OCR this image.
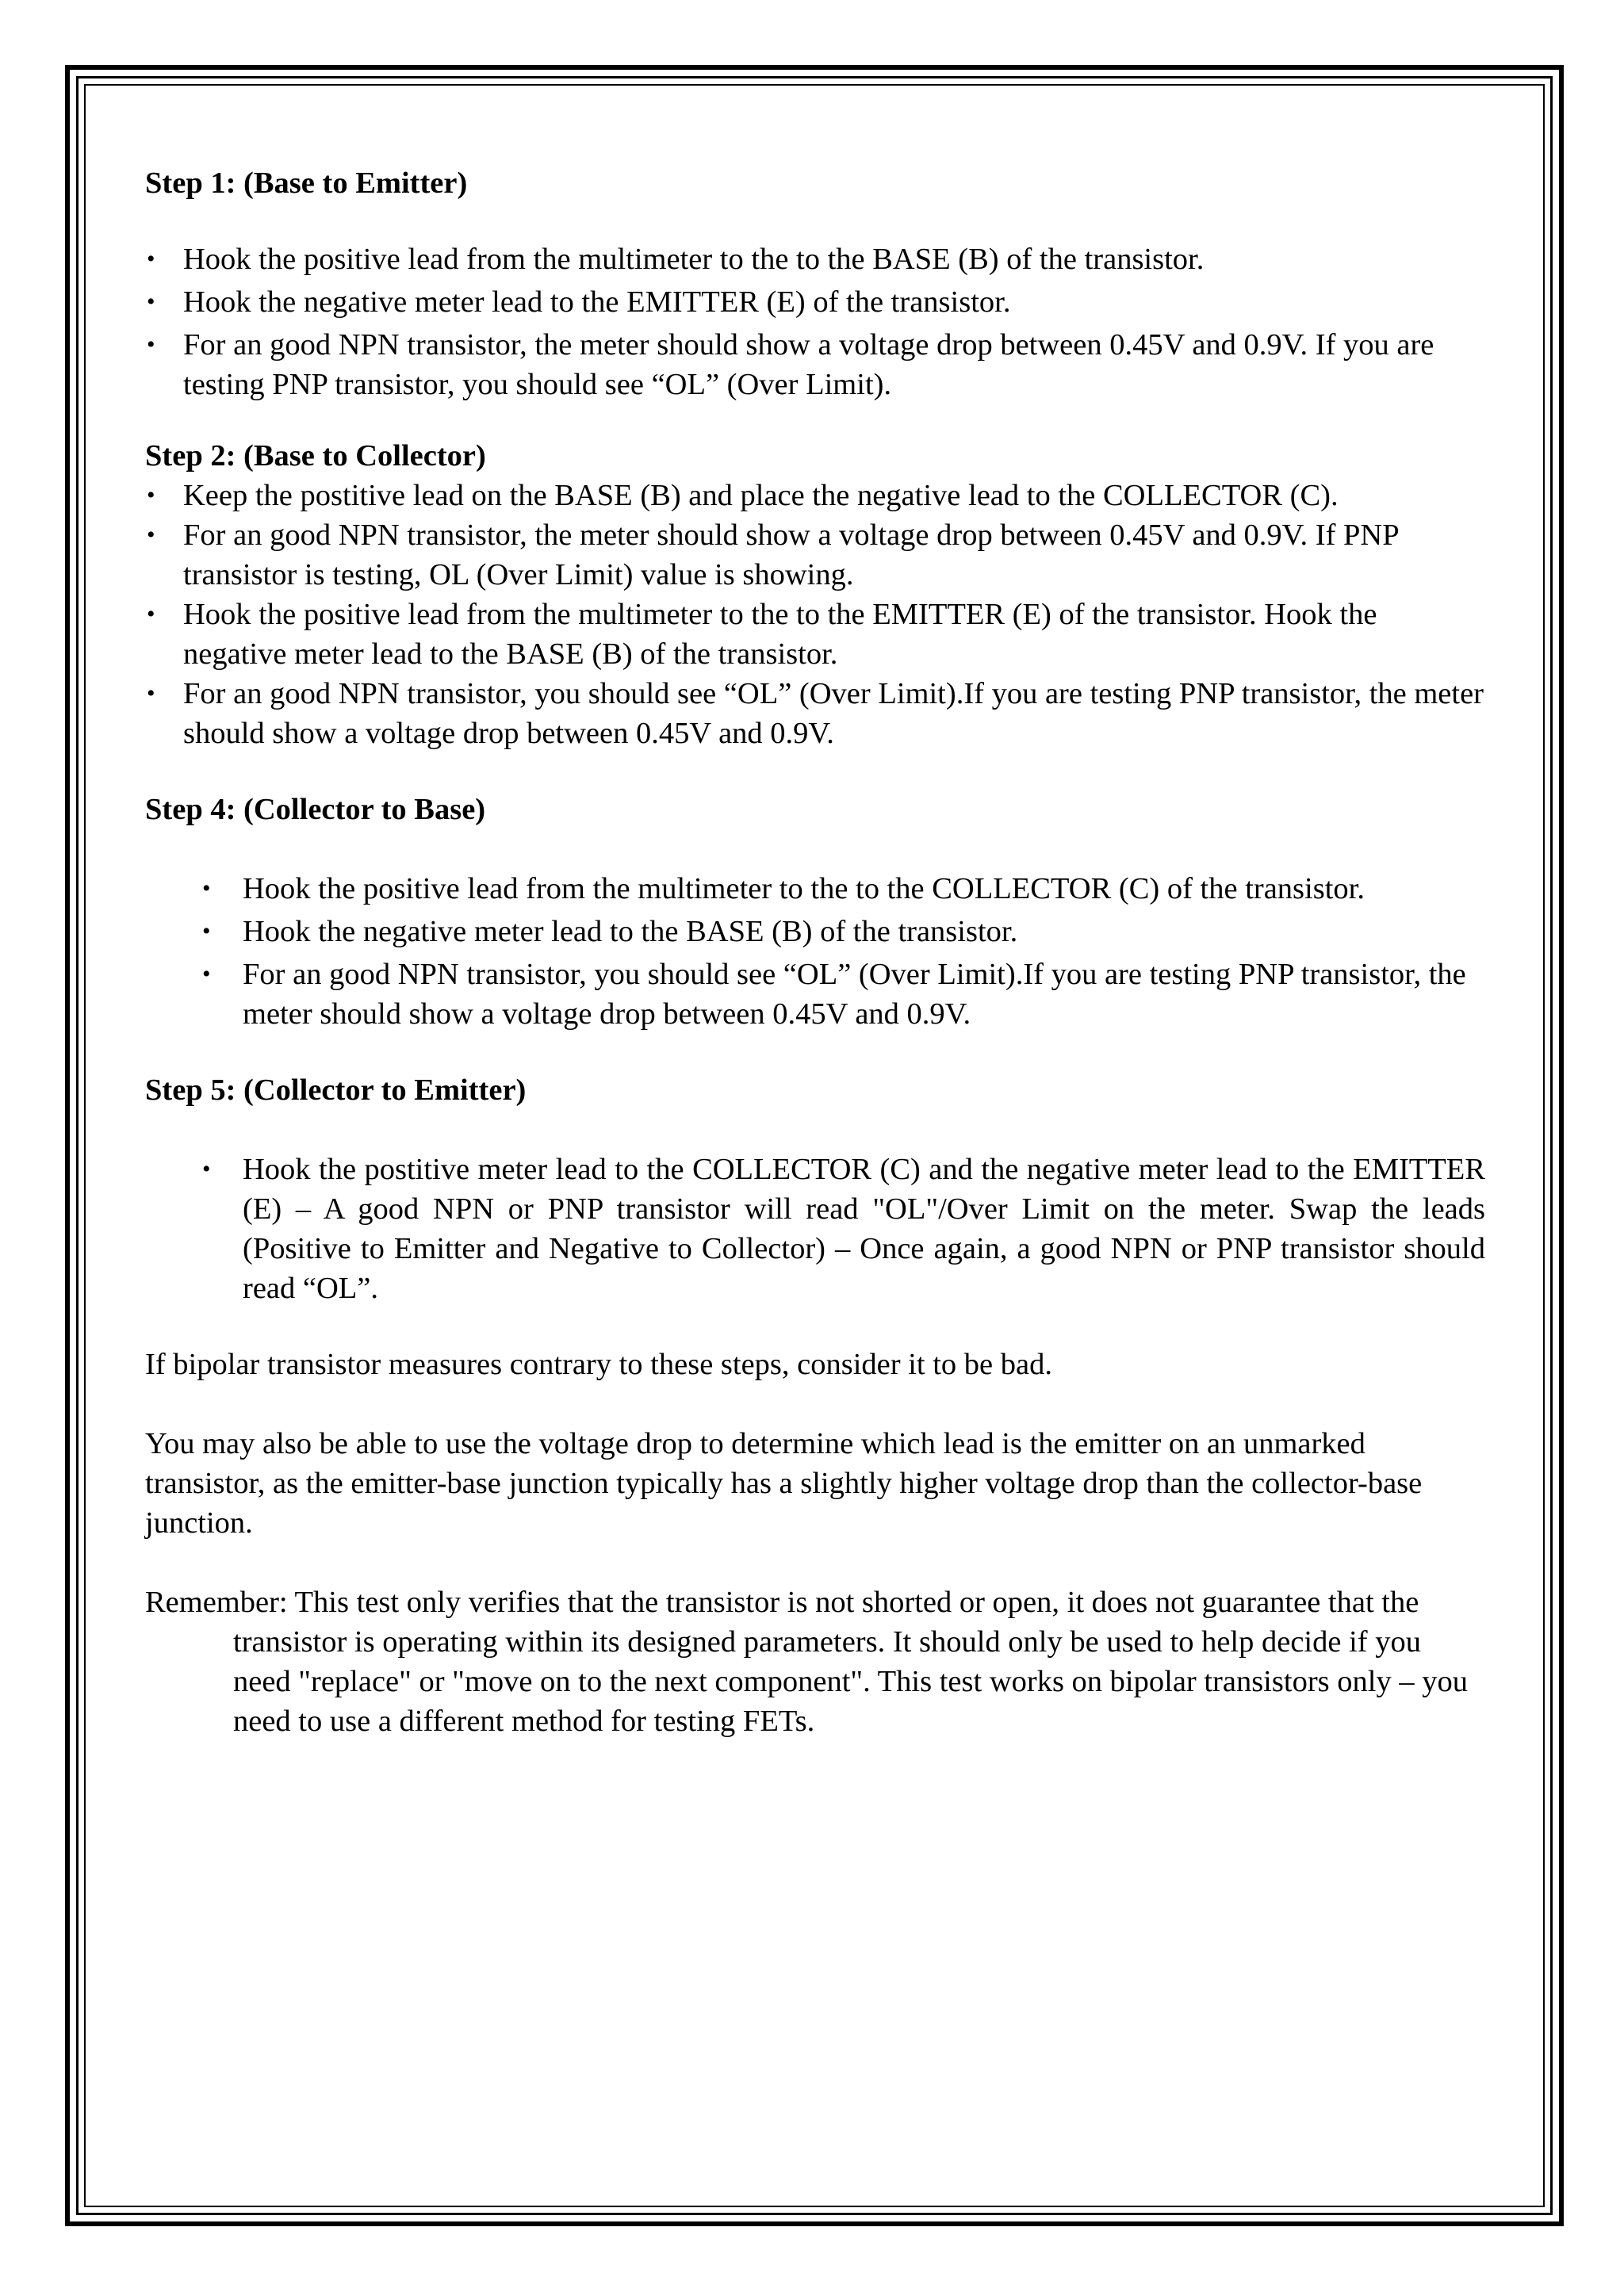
Step 1: (Base to Emitter)

• Hook the positive lead from the multimeter to the to the BASE (B) of the transistor.
• Hook the negative meter lead to the EMITTER (E) of the transistor.
• For an good NPN transistor, the meter should show a voltage drop between 0.45V and 0.9V. If you are testing PNP transistor, you should see “OL” (Over Limit).

Step 2: (Base to Collector)

• Keep the postitive lead on the BASE (B) and place the negative lead to the COLLECTOR (C).
• For an good NPN transistor, the meter should show a voltage drop between 0.45V and 0.9V. If PNP transistor is testing, OL (Over Limit) value is showing.
• Hook the positive lead from the multimeter to the to the EMITTER (E) of the transistor. Hook the negative meter lead to the BASE (B) of the transistor.
• For an good NPN transistor, you should see “OL” (Over Limit).If you are testing PNP transistor, the meter should show a voltage drop between 0.45V and 0.9V.

Step 4: (Collector to Base)

• Hook the positive lead from the multimeter to the to the COLLECTOR (C) of the transistor.
• Hook the negative meter lead to the BASE (B) of the transistor.
• For an good NPN transistor, you should see “OL” (Over Limit).If you are testing PNP transistor, the meter should show a voltage drop between 0.45V and 0.9V.

Step 5: (Collector to Emitter)

• Hook the postitive meter lead to the COLLECTOR (C) and the negative meter lead to the EMITTER (E) – A good NPN or PNP transistor will read "OL"/Over Limit on the meter. Swap the leads (Positive to Emitter and Negative to Collector) – Once again, a good NPN or PNP transistor should read “OL”.

If bipolar transistor measures contrary to these steps, consider it to be bad.

You may also be able to use the voltage drop to determine which lead is the emitter on an unmarked transistor, as the emitter-base junction typically has a slightly higher voltage drop than the collector-base junction.

Remember: This test only verifies that the transistor is not shorted or open, it does not guarantee that the transistor is operating within its designed parameters. It should only be used to help decide if you need "replace" or "move on to the next component". This test works on bipolar transistors only – you need to use a different method for testing FETs.
